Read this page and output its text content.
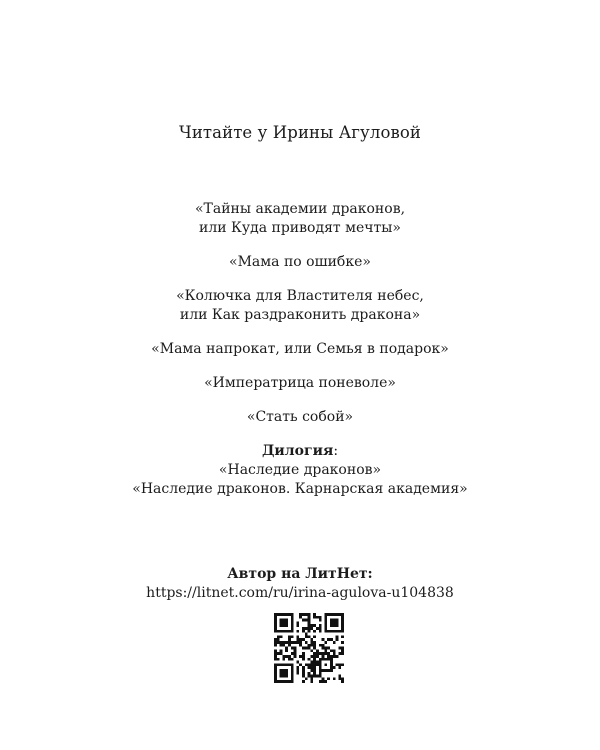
Читайте у Ирины Агуловой
«Тайны академии драконов,
или Куда приводят мечты»
«Мама по ошибке»
«Колючка для Властителя небес,
или Как раздраконить дракона»
«Мама напрокат, или Семья в подарок»
«Императрица поневоле»
«Стать собой»
Дилогия:
«Наследие драконов»
«Наследие драконов. Карнарская академия»
Автор на ЛитНет:
https://litnet.com/ru/irina-agulova-u104838
